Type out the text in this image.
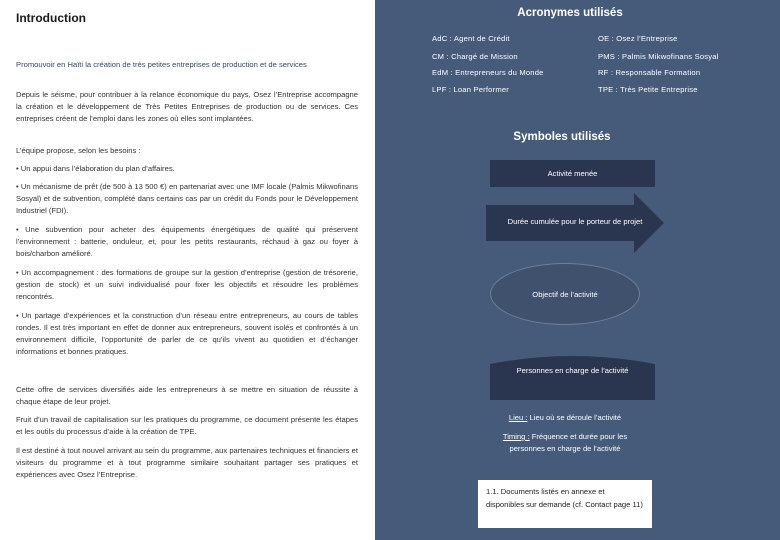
Introduction
Promouvoir en Haïti la création de très petites entreprises de production et de services
Depuis le séisme, pour contribuer à la relance économique du pays, Osez l’Entreprise accompagne la création et le développement de Très Petites Entreprises de production ou de services. Ces entreprises créent de l’emploi dans les zones où elles sont implantées.
L’équipe propose, selon les besoins :
• Un appui dans l’élaboration du plan d’affaires.
• Un mécanisme de prêt (de 500 à 13 500 €) en partenariat avec une IMF locale (Palmis Mikwofinans Sosyal) et de subvention, complété dans certains cas par un crédit du Fonds pour le Développement Industriel (FDI).
• Une subvention pour acheter des équipements énergétiques de qualité qui préservent l’environnement : batterie, onduleur, et, pour les petits restaurants, réchaud à gaz ou foyer à bois/charbon amélioré.
• Un accompagnement : des formations de groupe sur la gestion d’entreprise (gestion de trésorerie, gestion de stock) et un suivi individualisé pour fixer les objectifs et résoudre les problèmes rencontrés.
• Un partage d’expériences et la construction d’un réseau entre entrepreneurs, au cours de tables rondes. Il est très important en effet de donner aux entrepreneurs, souvent isolés et confrontés à un environnement difficile, l’opportunité de parler de ce qu’ils vivent au quotidien et d’échanger informations et bonnes pratiques.
Cette offre de services diversifiés aide les entrepreneurs à se mettre en situation de réussite à chaque étape de leur projet.
Fruit d’un travail de capitalisation sur les pratiques du programme, ce document présente les étapes et les outils du processus d’aide à la création de TPE.
Il est destiné à tout nouvel arrivant au sein du programme, aux partenaires techniques et financiers et visiteurs du programme et à tout programme similaire souhaitant partager ses pratiques et expériences avec Osez l’Entreprise.
Acronymes utilisés
AdC : Agent de Crédit	OE : Osez l’Entreprise
CM : Chargé de Mission	PMS : Palmis Mikwofinans Sosyal
EdM : Entrepreneurs du Monde	RF : Responsable Formation
LPF : Loan Performer	TPE : Très Petite Entreprise
Symboles utilisés
Activité menée
Durée cumulée pour le porteur de projet
Objectif de l’activité
Personnes en charge de l’activité
Lieu : Lieu où se déroule l’activité
Timing : Fréquence et durée pour les personnes en charge de l’activité
1.1. Documents listés en annexe et disponibles sur demande (cf. Contact page 11)
